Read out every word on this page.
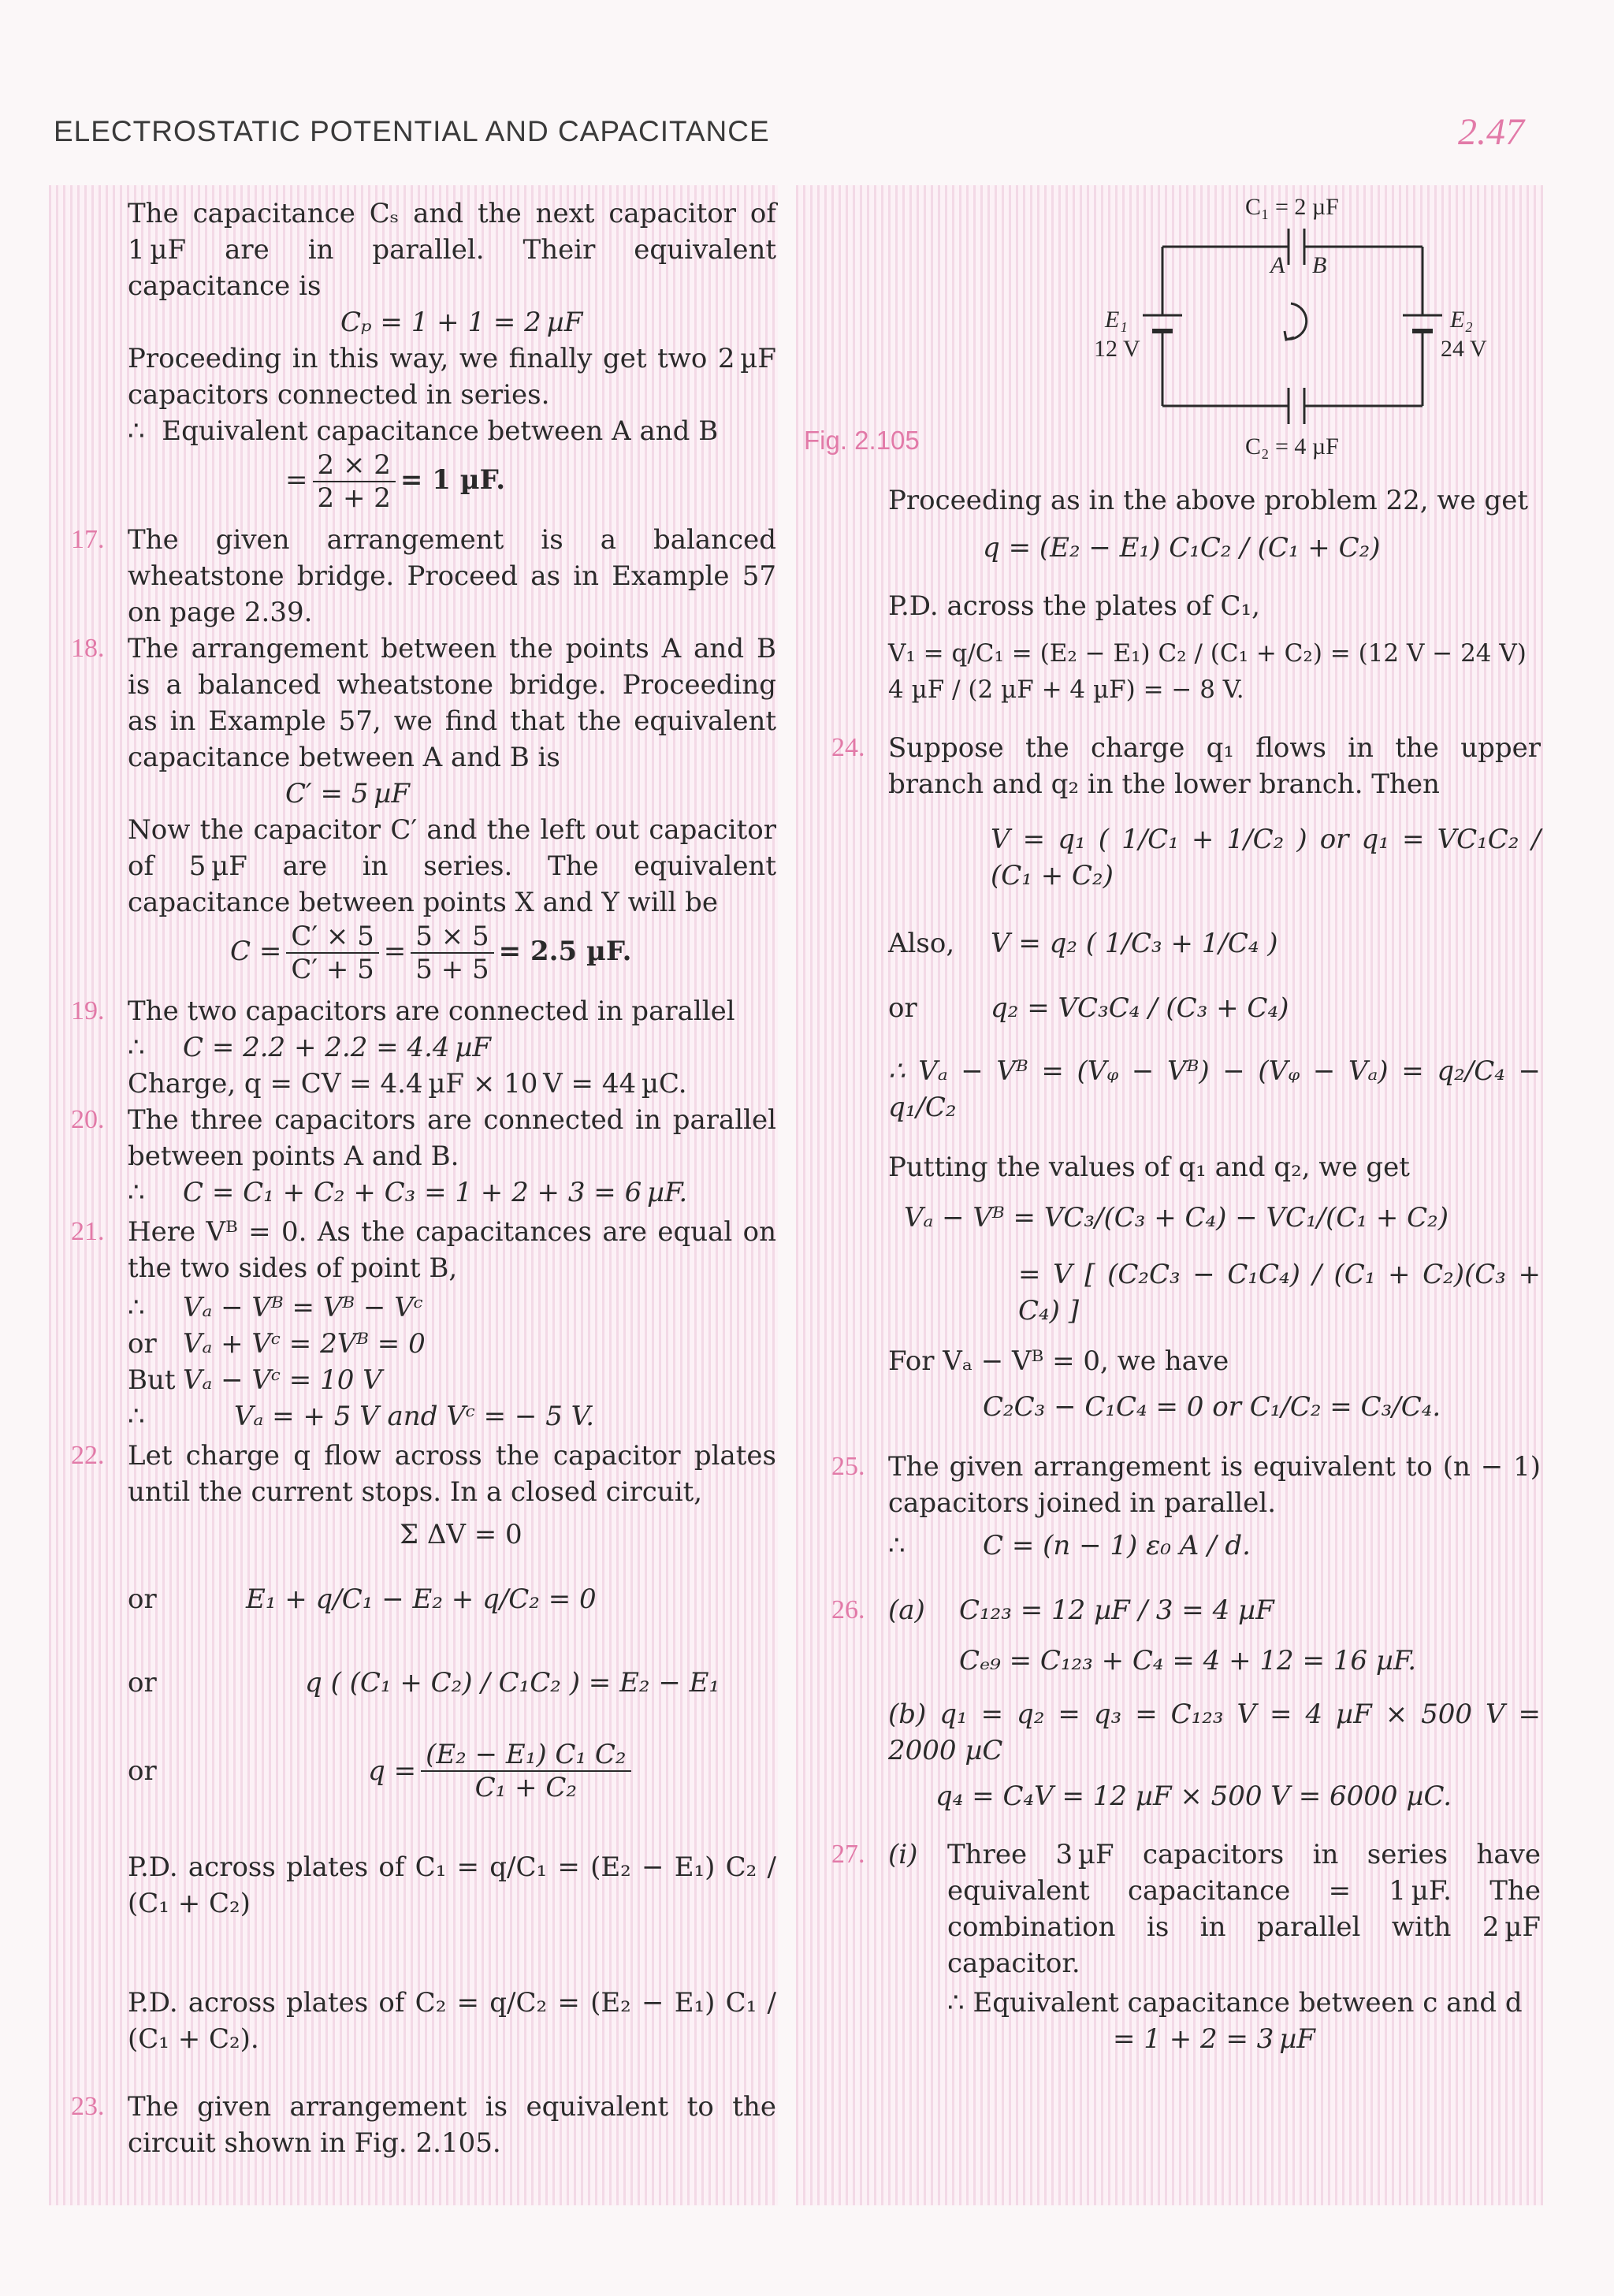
ELECTROSTATIC POTENTIAL AND CAPACITANCE	2.47

The capacitance Cₛ and the next capacitor of 1 µF are in parallel. Their equivalent capacitance is

Cₚ = 1 + 1 = 2 µF

Proceeding in this way, we finally get two 2 µF capacitors connected in series.

∴ Equivalent capacitance between A and B

= $\frac{2 \times 2}{2 + 2} = 1$ µF.

17. The given arrangement is a balanced wheatstone bridge. Proceed as in Example 57 on page 2.39.

18. The arrangement between the points A and B is a balanced wheatstone bridge. Proceeding as in Example 57, we find that the equivalent capacitance between A and B is

C′ = 5 µF

Now the capacitor C′ and the left out capacitor of 5 µF are in series. The equivalent capacitance between points X and Y will be

$C = \frac{C' \times 5}{C' + 5} = \frac{5 \times 5}{5 + 5} = 2.5$ µF.

19. The two capacitors are connected in parallel

∴	C = 2.2 + 2.2 = 4.4 µF

Charge, q = CV = 4.4 µF × 10 V = 44 µC.

20. The three capacitors are connected in parallel between points A and B.

∴	C = C₁ + C₂ + C₃ = 1 + 2 + 3 = 6 µF.
21. Here Vᴮ = 0. As the capacitances are equal on the two sides of point B,

∴	Vₐ − Vᴮ = Vᴮ − Vᶜ
or Vₐ + Vᶜ = 2Vᴮ = 0
But Vₐ − Vᶜ = 10 V
∴	Vₐ = + 5 V and Vᶜ = − 5 V.
22. Let charge q flow across the capacitor plates until the current stops. In a closed circuit,

Σ ΔV = 0

or	E₁ + q/C₁ − E₂ + q/C₂ = 0
or	q ( (C₁ + C₂) / C₁C₂ ) = E₂ − E₁
or	$q = \frac{\text{(E₂ − E₁) C₁ C₂}}{\text{C₁ + C₂}}$

P.D. across plates of C₁ = q/C₁ = (E₂ − E₁) C₂ / (C₁ + C₂)

P.D. across plates of C₂ = q/C₂ = (E₂ − E₁) C₁ / (C₁ + C₂).

23. The given arrangement is equivalent to the circuit shown in Fig. 2.105.

Fig. 2.105
C₁ = 2 µF
A B
E₁
12 V
E₂
24 V
C₂ = 4 µF

Proceeding as in the above problem 22, we get

q = (E₂ − E₁) C₁C₂ / (C₁ + C₂)

P.D. across the plates of C₁,

V₁ = q/C₁ = (E₂ − E₁) C₂ / (C₁ + C₂) = (12 V − 24 V) 4 µF / (2 µF + 4 µF) = − 8 V.

24. Suppose the charge q₁ flows in the upper branch and q₂ in the lower branch. Then

V = q₁ ( 1/C₁ + 1/C₂ ) or q₁ = VC₁C₂ / (C₁ + C₂)

Also,	V = q₂ ( 1/C₃ + 1/C₄ )
or	q₂ = VC₃C₄ / (C₃ + C₄)

∴ Vₐ − Vᴮ = (Vᵩ − Vᴮ) − (Vᵩ − Vₐ) = q₂/C₄ − q₁/C₂

Putting the values of q₁ and q₂, we get

Vₐ − Vᴮ = VC₃/(C₃ + C₄) − VC₁/(C₁ + C₂)

= V [ (C₂C₃ − C₁C₄) / (C₁ + C₂)(C₃ + C₄) ]

For Vₐ − Vᴮ = 0, we have

C₂C₃ − C₁C₄ = 0 or C₁/C₂ = C₃/C₄.

25. The given arrangement is equivalent to (n − 1) capacitors joined in parallel.

∴	C = (n − 1) ε₀ A / d.
26. (a)	C₁₂₃ = 12 µF / 3 = 4 µF

Cₑ₉ = C₁₂₃ + C₄ = 4 + 12 = 16 µF.

(b) q₁ = q₂ = q₃ = C₁₂₃ V = 4 µF × 500 V = 2000 µC

q₄ = C₄V = 12 µF × 500 V = 6000 µC.

27. (i) Three 3 µF capacitors in series have equivalent capacitance = 1 µF. The combination is in parallel with 2 µF capacitor.

∴ Equivalent capacitance between c and d

= 1 + 2 = 3 µF
